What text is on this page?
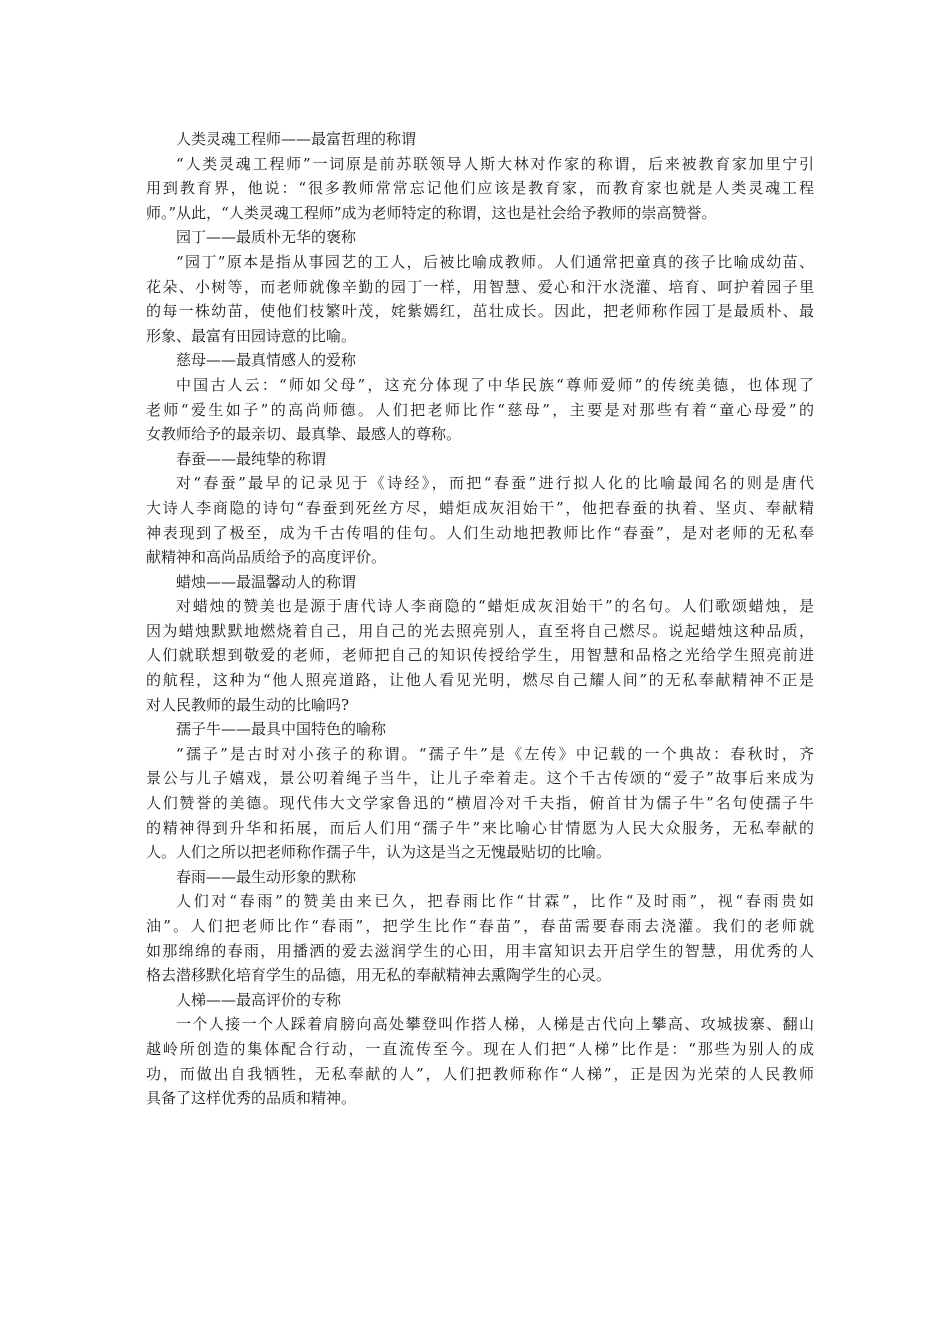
人类灵魂工程师——最富哲理的称谓
“人类灵魂工程师”一词原是前苏联领导人斯大林对作家的称谓，后来被教育家加里宁引
用到教育界，他说：“很多教师常常忘记他们应该是教育家，而教育家也就是人类灵魂工程
师。”从此，“人类灵魂工程师”成为老师特定的称谓，这也是社会给予教师的崇高赞誉。
园丁——最质朴无华的褒称
“园丁”原本是指从事园艺的工人，后被比喻成教师。人们通常把童真的孩子比喻成幼苗、
花朵、小树等，而老师就像辛勤的园丁一样，用智慧、爱心和汗水浇灌、培育、呵护着园子里
的每一株幼苗，使他们枝繁叶茂，姹紫嫣红，茁壮成长。因此，把老师称作园丁是最质朴、最
形象、最富有田园诗意的比喻。
慈母——最真情感人的爱称
中国古人云：“师如父母”，这充分体现了中华民族“尊师爱师”的传统美德，也体现了
老师“爱生如子”的高尚师德。人们把老师比作“慈母”，主要是对那些有着“童心母爱”的
女教师给予的最亲切、最真挚、最感人的尊称。
春蚕——最纯挚的称谓
对“春蚕”最早的记录见于《诗经》，而把“春蚕”进行拟人化的比喻最闻名的则是唐代
大诗人李商隐的诗句“春蚕到死丝方尽，蜡炬成灰泪始干”，他把春蚕的执着、坚贞、奉献精
神表现到了极至，成为千古传唱的佳句。人们生动地把教师比作“春蚕”，是对老师的无私奉
献精神和高尚品质给予的高度评价。
蜡烛——最温馨动人的称谓
对蜡烛的赞美也是源于唐代诗人李商隐的“蜡炬成灰泪始干”的名句。人们歌颂蜡烛，是
因为蜡烛默默地燃烧着自己，用自己的光去照亮别人，直至将自己燃尽。说起蜡烛这种品质，
人们就联想到敬爱的老师，老师把自己的知识传授给学生，用智慧和品格之光给学生照亮前进
的航程，这种为“他人照亮道路，让他人看见光明，燃尽自己耀人间”的无私奉献精神不正是
对人民教师的最生动的比喻吗?
孺子牛——最具中国特色的喻称
“孺子”是古时对小孩子的称谓。“孺子牛”是《左传》中记载的一个典故：春秋时，齐
景公与儿子嬉戏，景公叨着绳子当牛，让儿子牵着走。这个千古传颂的“爱子”故事后来成为
人们赞誉的美德。现代伟大文学家鲁迅的“横眉冷对千夫指，俯首甘为儒子牛”名句使孺子牛
的精神得到升华和拓展，而后人们用“孺子牛”来比喻心甘情愿为人民大众服务，无私奉献的
人。人们之所以把老师称作孺子牛，认为这是当之无愧最贴切的比喻。
春雨——最生动形象的默称
人们对“春雨”的赞美由来已久，把春雨比作“甘霖”，比作“及时雨”，视“春雨贵如
油”。人们把老师比作“春雨”，把学生比作“春苗”，春苗需要春雨去浇灌。我们的老师就
如那绵绵的春雨，用播洒的爱去滋润学生的心田，用丰富知识去开启学生的智慧，用优秀的人
格去潜移默化培育学生的品德，用无私的奉献精神去熏陶学生的心灵。
人梯——最高评价的专称
一个人接一个人踩着肩膀向高处攀登叫作搭人梯，人梯是古代向上攀高、攻城拔寨、翻山
越岭所创造的集体配合行动，一直流传至今。现在人们把“人梯”比作是：“那些为别人的成
功，而做出自我牺牲，无私奉献的人”，人们把教师称作“人梯”，正是因为光荣的人民教师
具备了这样优秀的品质和精神。
